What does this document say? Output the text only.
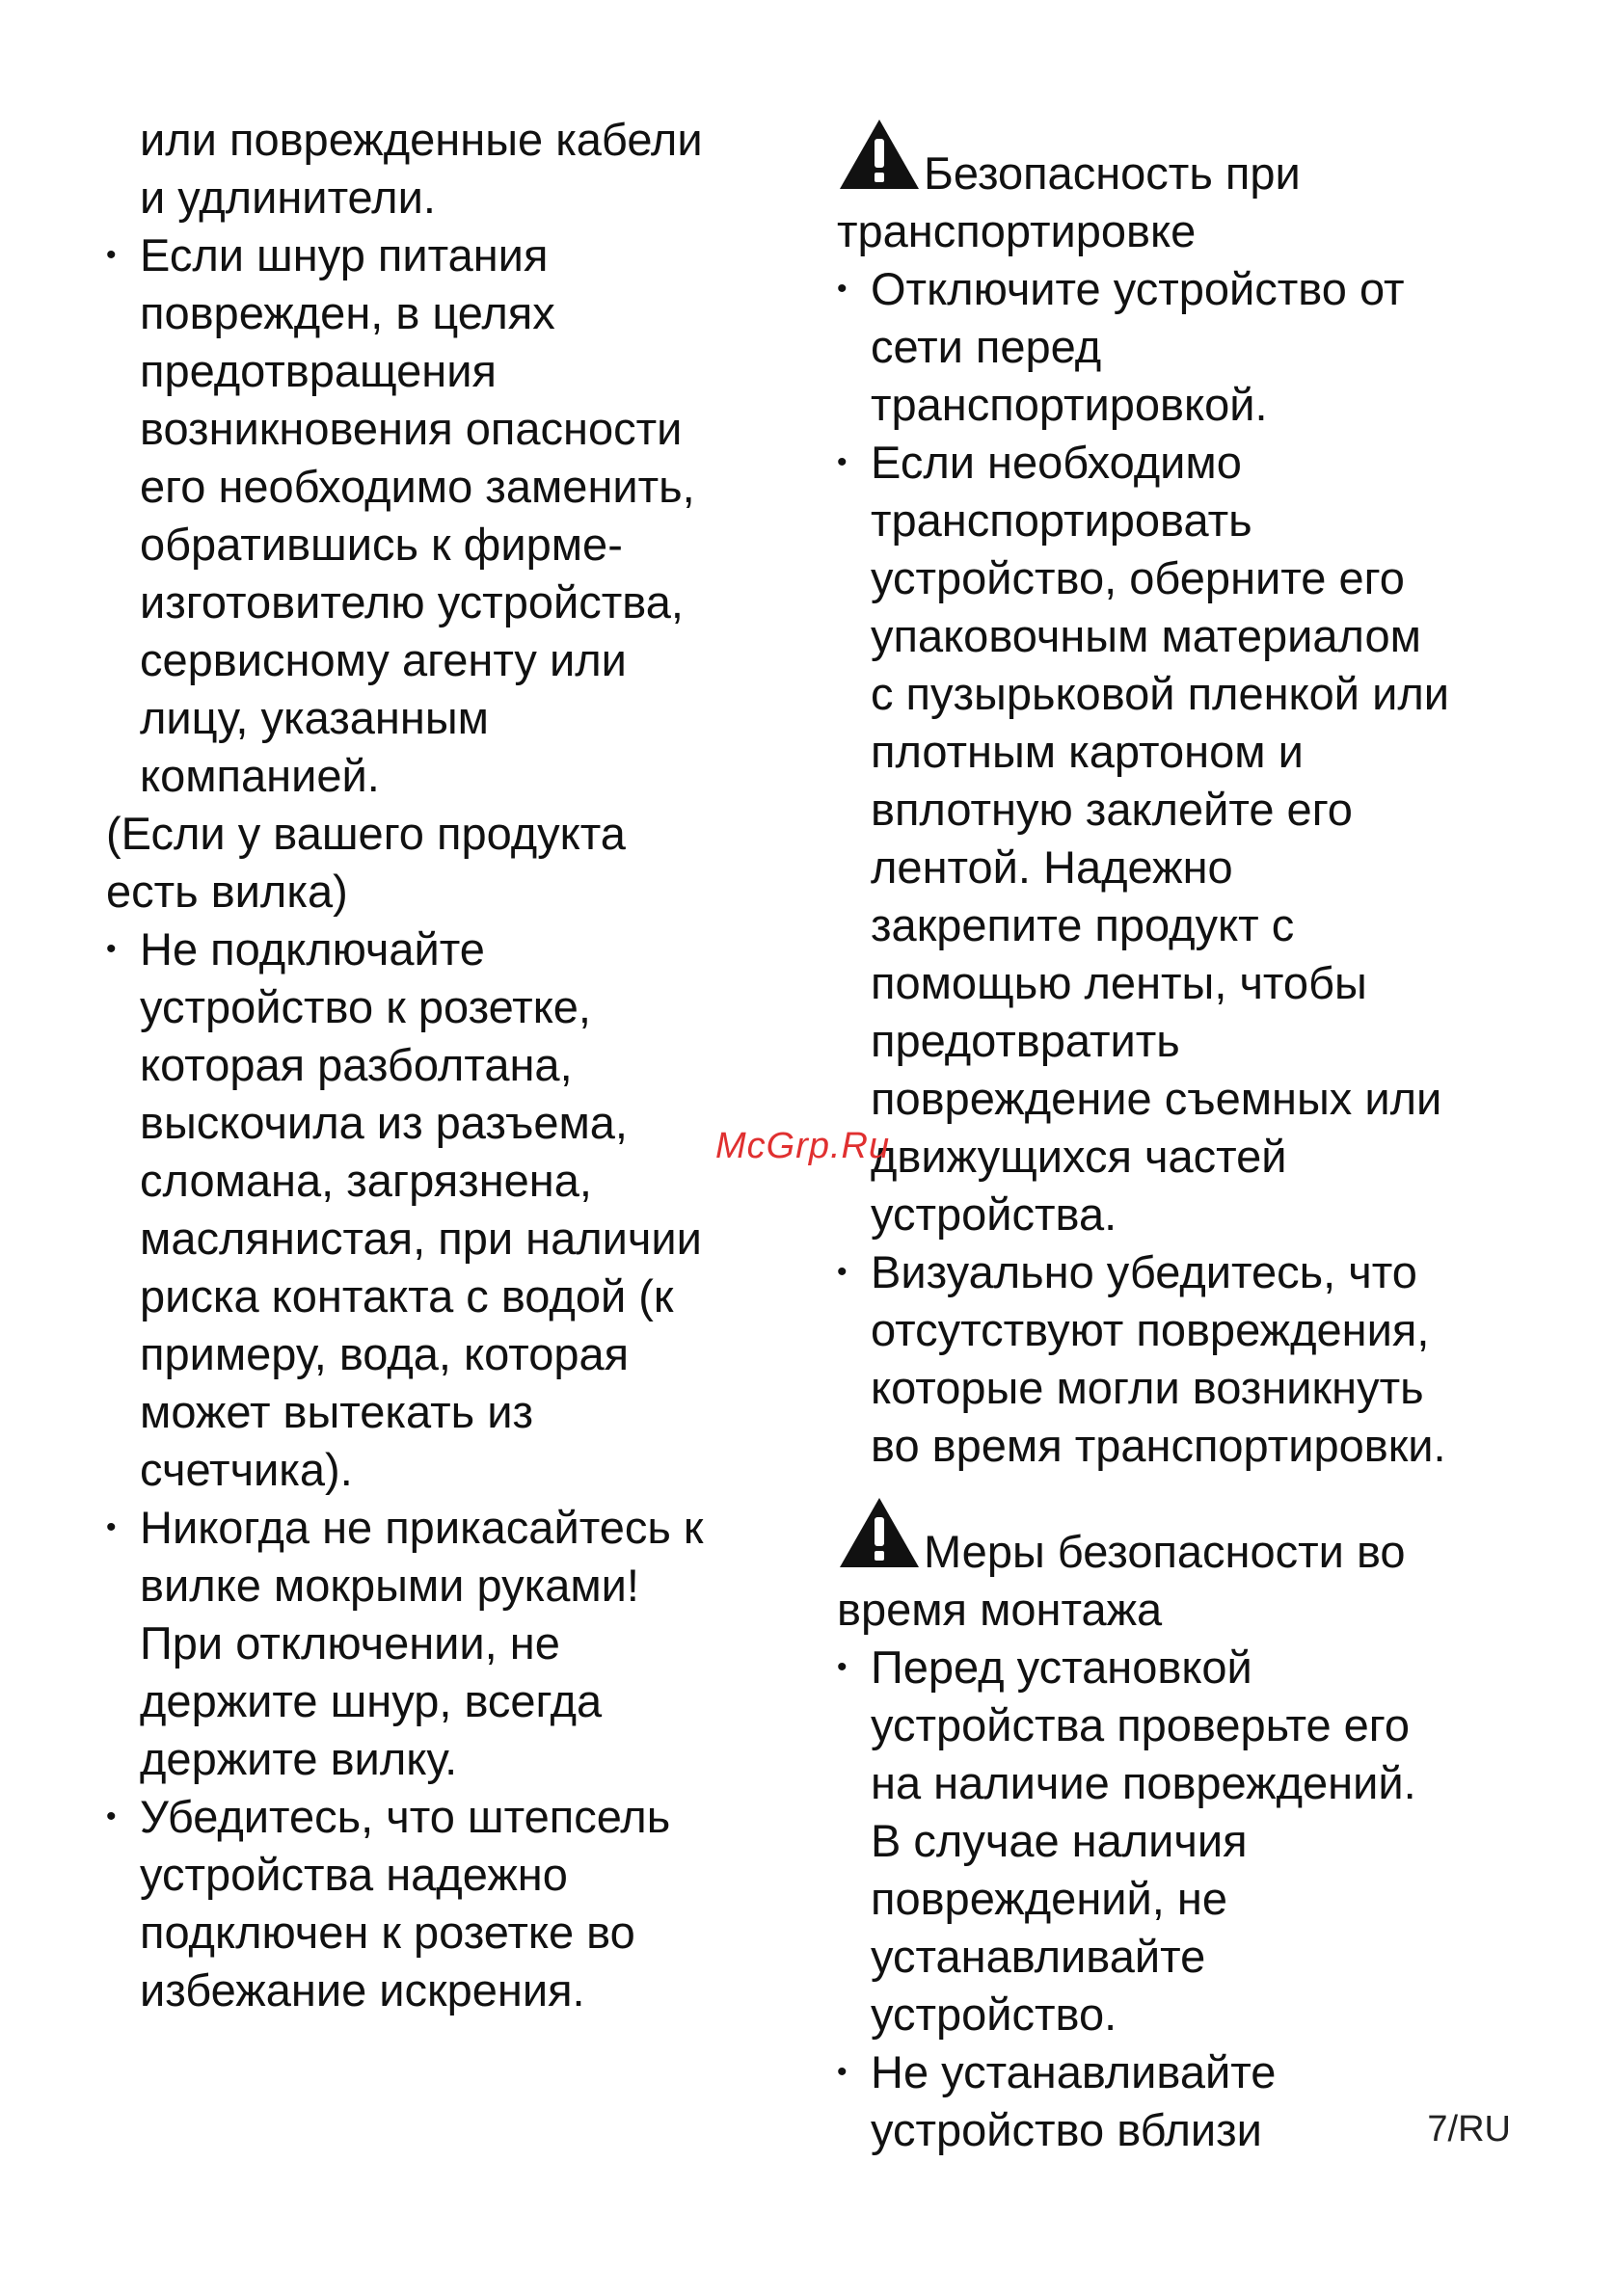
или поврежденные кабели
и удлинители.
• Если шнур питания
поврежден, в целях
предотвращения
возникновения опасности
его необходимо заменить,
обратившись к фирме-
изготовителю устройства,
сервисному агенту или
лицу, указанным
компанией.
(Если у вашего продукта
есть вилка)
• Не подключайте
устройство к розетке,
которая разболтана,
выскочила из разъема,
сломана, загрязнена,
маслянистая, при наличии
риска контакта с водой (к
примеру, вода, которая
может вытекать из
счетчика).
• Никогда не прикасайтесь к
вилке мокрыми руками!
При отключении, не
держите шнур, всегда
держите вилку.
• Убедитесь, что штепсель
устройства надежно
подключен к розетке во
избежание искрения.
Безопасность при
транспортировке
• Отключите устройство от
сети перед
транспортировкой.
• Если необходимо
транспортировать
устройство, оберните его
упаковочным материалом
с пузырьковой пленкой или
плотным картоном и
вплотную заклейте его
лентой. Надежно
закрепите продукт с
помощью ленты, чтобы
предотвратить
повреждение съемных или
движущихся частей
устройства.
• Визуально убедитесь, что
отсутствуют повреждения,
которые могли возникнуть
во время транспортировки.
Меры безопасности во
время монтажа
• Перед установкой
устройства проверьте его
на наличие повреждений.
В случае наличия
повреждений, не
устанавливайте
устройство.
• Не устанавливайте
устройство вблизи
McGrp.Ru
7/RU
